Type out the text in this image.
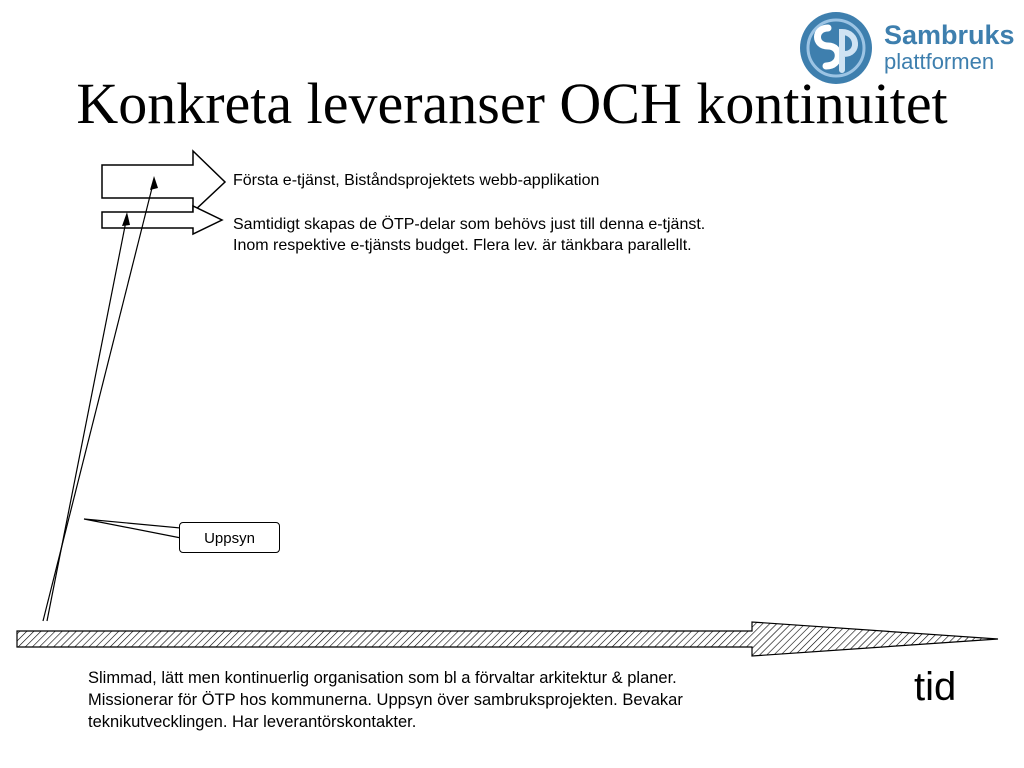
Sambruks
plattformen
Konkreta leveranser OCH kontinuitet
Första e-tjänst, Biståndsprojektets webb-applikation
Samtidigt skapas de ÖTP-delar som behövs just till denna e-tjänst.
Inom respektive e-tjänsts budget. Flera lev. är tänkbara parallellt.
Uppsyn
tid
Slimmad, lätt men kontinuerlig organisation som bl a förvaltar arkitektur & planer. Missionerar för ÖTP hos kommunerna. Uppsyn över sambruksprojekten. Bevakar teknikutvecklingen. Har leverantörskontakter.
